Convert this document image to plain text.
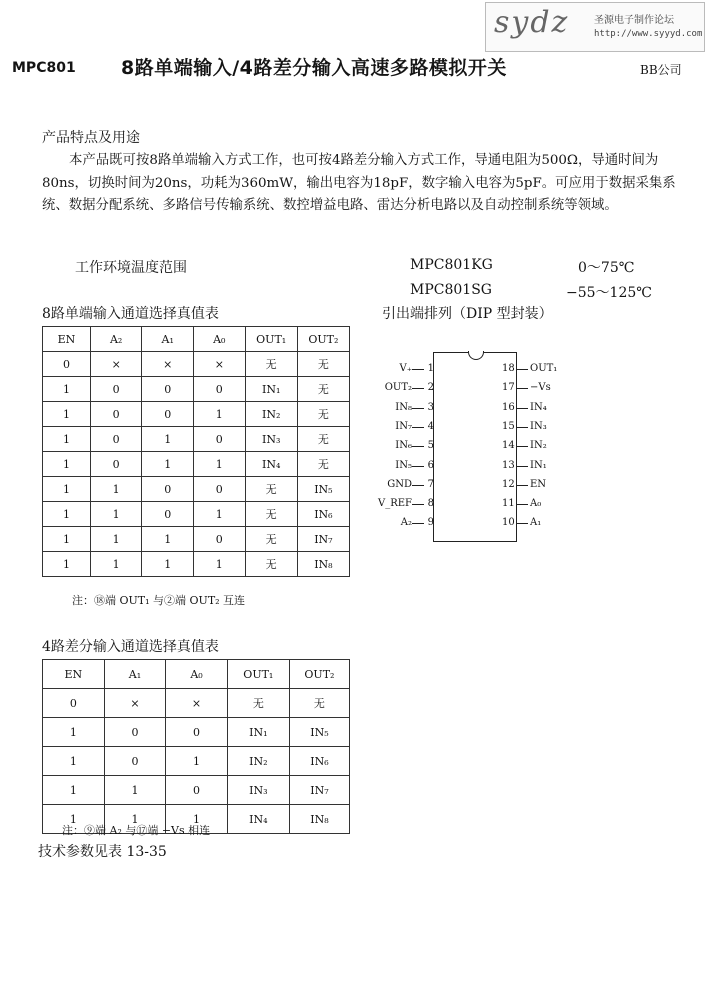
sydz 圣源电子制作论坛
http://www.syyyd.com
MPC801 8路单端输入/4路差分输入高速多路模拟开关	BB公司
产品特点及用途
本产品既可按8路单端输入方式工作，也可按4路差分输入方式工作，导通电阻为500Ω，导通时间为80ns，切换时间为20ns，功耗为360mW，输出电容为18pF，数字输入电容为5pF。可应用于数据采集系统、数据分配系统、多路信号传输系统、数控增益电路、雷达分析电路以及自动控制系统等领域。
工作环境温度范围	MPC801KG	0～75℃
MPC801SG	−55～125℃
8路单端输入通道选择真值表
EN	A₂	A₁	A₀	OUT₁	OUT₂
0	×	×	×	无	无
1	0	0	0	IN₁	无
1	0	0	1	IN₂	无
1	0	1	0	IN₃	无
1	0	1	1	IN₄	无
1	1	0	0	无	IN₅
1	1	0	1	无	IN₆
1	1	1	0	无	IN₇
1	1	1	1	无	IN₈
注：⑱端 OUT₁ 与②端 OUT₂ 互连
4路差分输入通道选择真值表
EN	A₁	A₀	OUT₁	OUT₂
0	×	×	无	无
1	0	0	IN₁	IN₅
1	0	1	IN₂	IN₆
1	1	0	IN₃	IN₇
1	1	1	IN₄	IN₈
注：⑨端 A₂ 与⑰端 −Vs 相连
技术参数见表 13-35
引出端排列（DIP 型封装）
V₊	1
OUT₂	2
IN₈	3
IN₇	4
IN₆	5
IN₅	6
GND	7
V_REF	8
A₂	9
18 OUT₁
17 −Vs
16 IN₄
15 IN₃
14 IN₂
13 IN₁
12 EN
11 A₀
10 A₁
